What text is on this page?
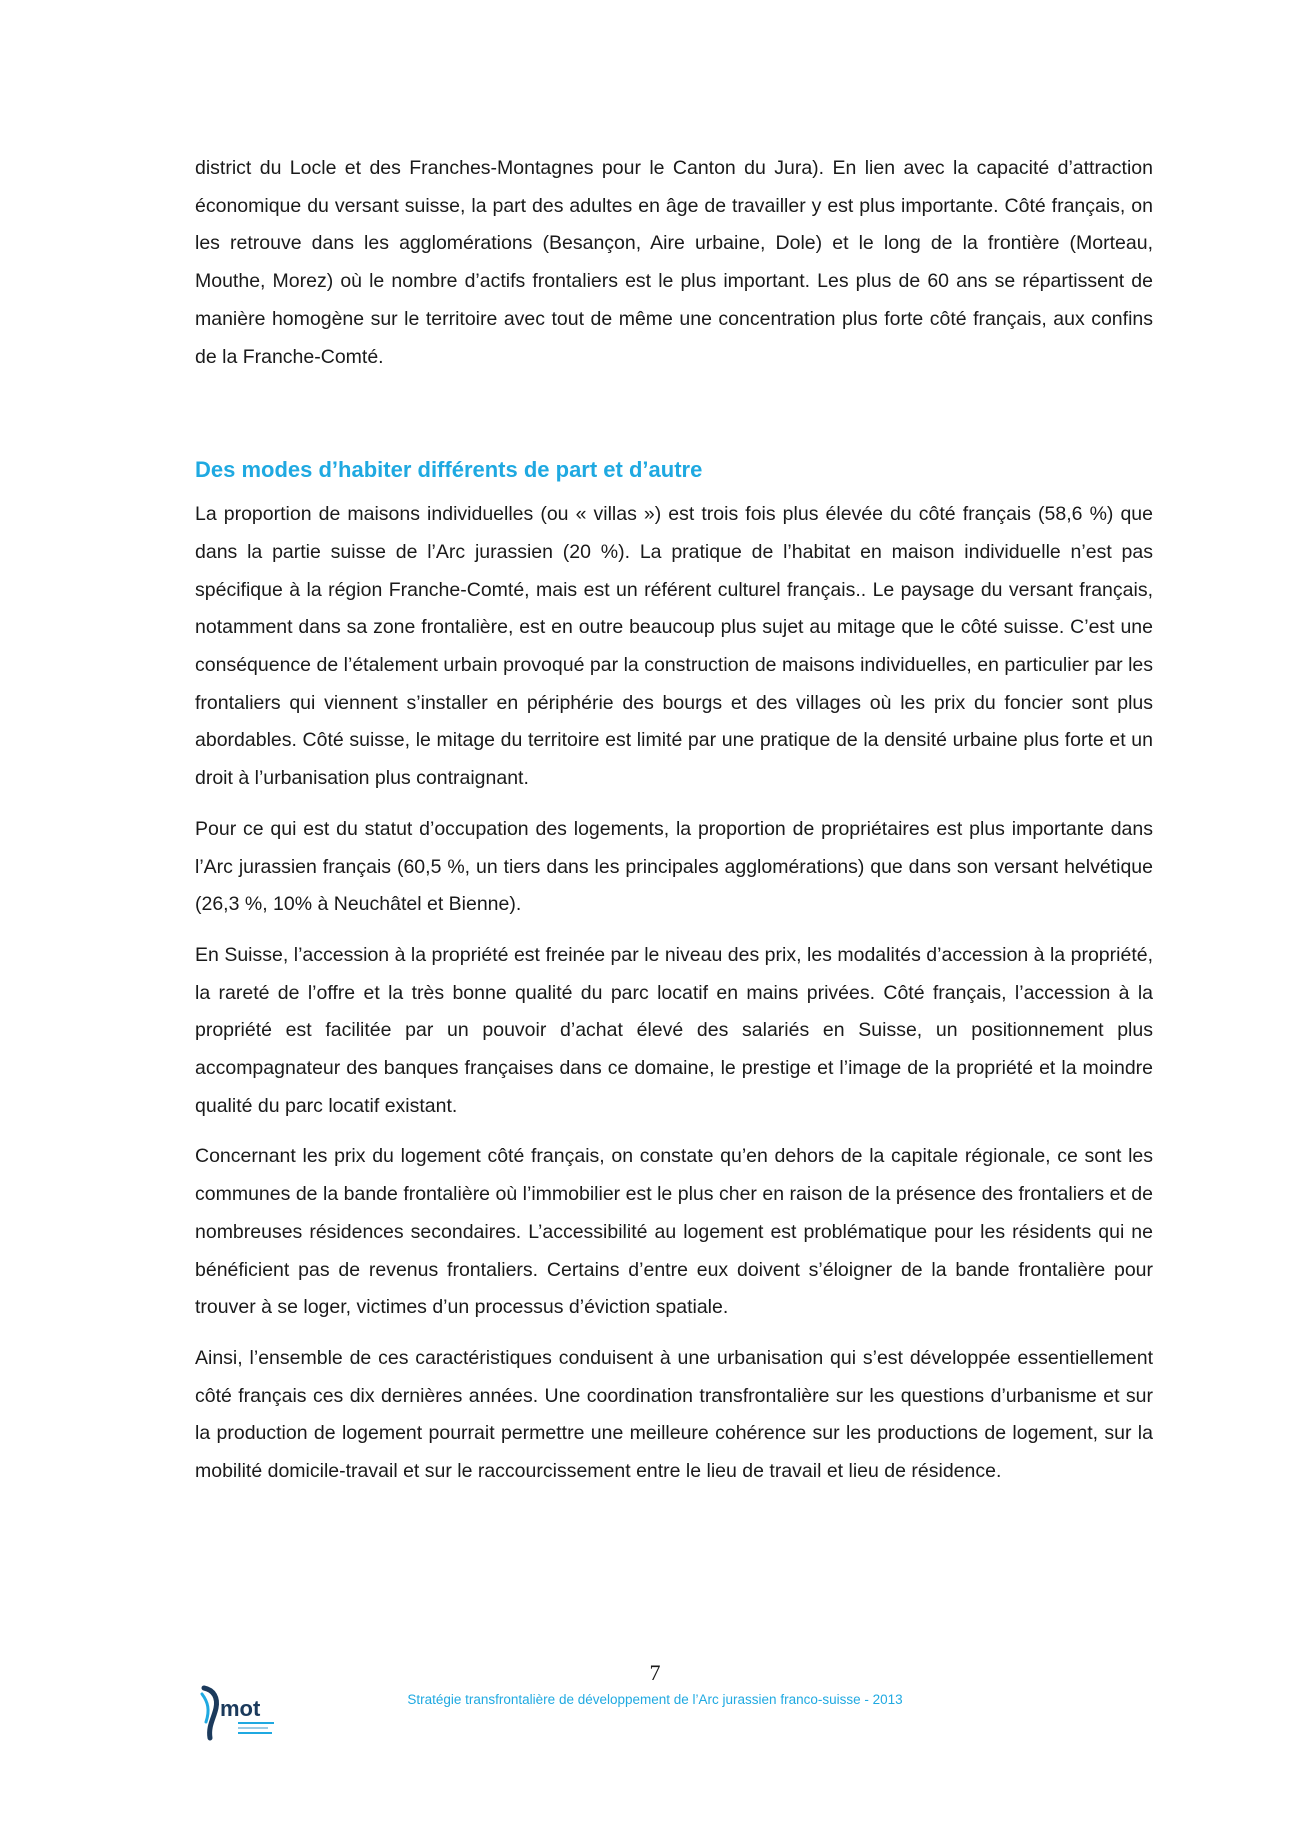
district du Locle et des Franches-Montagnes pour le Canton du Jura). En lien avec la capacité d’attraction économique du versant suisse, la part des adultes en âge de travailler y est plus importante. Côté français, on les retrouve dans les agglomérations (Besançon, Aire urbaine, Dole) et le long de la frontière (Morteau, Mouthe, Morez) où le nombre d’actifs frontaliers est le plus important. Les plus de 60 ans se répartissent de manière homogène sur le territoire avec tout de même une concentration plus forte côté français, aux confins de la Franche-Comté.

Des modes d’habiter différents de part et d’autre

La proportion de maisons individuelles (ou « villas ») est trois fois plus élevée du côté français (58,6 %) que dans la partie suisse de l’Arc jurassien (20 %). La pratique de l’habitat en maison individuelle n’est pas spécifique à la région Franche-Comté, mais est un référent culturel français.. Le paysage du versant français, notamment dans sa zone frontalière, est en outre beaucoup plus sujet au mitage que le côté suisse. C’est une conséquence de l’étalement urbain provoqué par la construction de maisons individuelles, en particulier par les frontaliers qui viennent s’installer en périphérie des bourgs et des villages où les prix du foncier sont plus abordables. Côté suisse, le mitage du territoire est limité par une pratique de la densité urbaine plus forte et un droit à l’urbanisation plus contraignant.

Pour ce qui est du statut d’occupation des logements, la proportion de propriétaires est plus importante dans l’Arc jurassien français (60,5 %, un tiers dans les principales agglomérations) que dans son versant helvétique (26,3 %, 10% à Neuchâtel et Bienne).

En Suisse, l’accession à la propriété est freinée par le niveau des prix, les modalités d’accession à la propriété, la rareté de l’offre et la très bonne qualité du parc locatif en mains privées. Côté français, l’accession à la propriété est facilitée par un pouvoir d’achat élevé des salariés en Suisse, un positionnement plus accompagnateur des banques françaises dans ce domaine, le prestige et l’image de la propriété et la moindre qualité du parc locatif existant.

Concernant les prix du logement côté français, on constate qu’en dehors de la capitale régionale, ce sont les communes de la bande frontalière où l’immobilier est le plus cher en raison de la présence des frontaliers et de nombreuses résidences secondaires. L’accessibilité au logement est problématique pour les résidents qui ne bénéficient pas de revenus frontaliers. Certains d’entre eux doivent s’éloigner de la bande frontalière pour trouver à se loger, victimes d’un processus d’éviction spatiale.

Ainsi, l’ensemble de ces caractéristiques conduisent à une urbanisation qui s’est développée essentiellement côté français ces dix dernières années. Une coordination transfrontalière sur les questions d’urbanisme et sur la production de logement pourrait permettre une meilleure cohérence sur les productions de logement, sur la mobilité domicile-travail et sur le raccourcissement entre le lieu de travail et lieu de résidence.

7
mot	Stratégie transfrontalière de développement de l’Arc jurassien franco-suisse - 2013
